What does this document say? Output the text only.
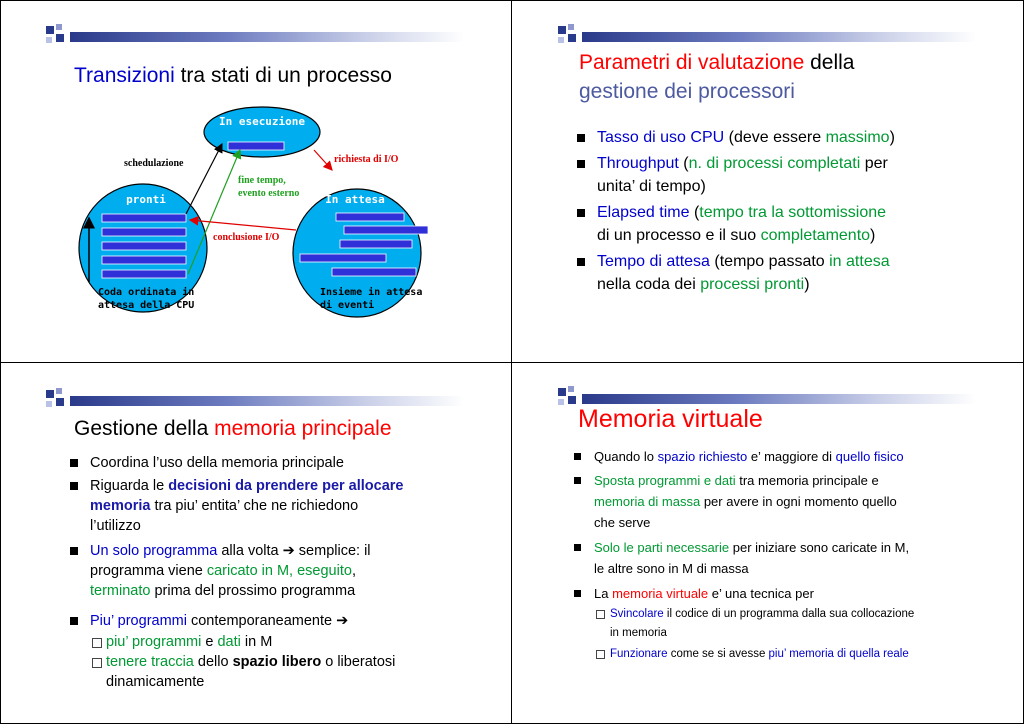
Transizioni tra stati di un processo
In esecuzione
pronti	In attesa
schedulazione	richiesta di I/O
fine tempo,
evento esterno
conclusione I/O
Coda ordinata in
attesa della CPU
Insieme in attesa
di eventi
Parametri di valutazione della
gestione dei processori
Tasso di uso CPU (deve essere massimo)
Throughput (n. di processi completati per
unita’ di tempo)
Elapsed time (tempo tra la sottomissione
di un processo e il suo completamento)
Tempo di attesa (tempo passato in attesa
nella coda dei processi pronti)
Gestione della memoria principale
Coordina l’uso della memoria principale
Riguarda le decisioni da prendere per allocare
memoria tra piu’ entita’ che ne richiedono
l’utilizzo
Un solo programma alla volta ➔ semplice: il
programma viene caricato in M, eseguito,
terminato prima del prossimo programma
Piu’ programmi contemporaneamente ➔
piu’ programmi e dati in M
tenere traccia dello spazio libero o liberatosi
dinamicamente
Memoria virtuale
Quando lo spazio richiesto e’ maggiore di quello fisico
Sposta programmi e dati tra memoria principale e
memoria di massa per avere in ogni momento quello
che serve
Solo le parti necessarie per iniziare sono caricate in M,
le altre sono in M di massa
La memoria virtuale e’ una tecnica per
Svincolare il codice di un programma dalla sua collocazione
in memoria
Funzionare come se si avesse piu’ memoria di quella reale
